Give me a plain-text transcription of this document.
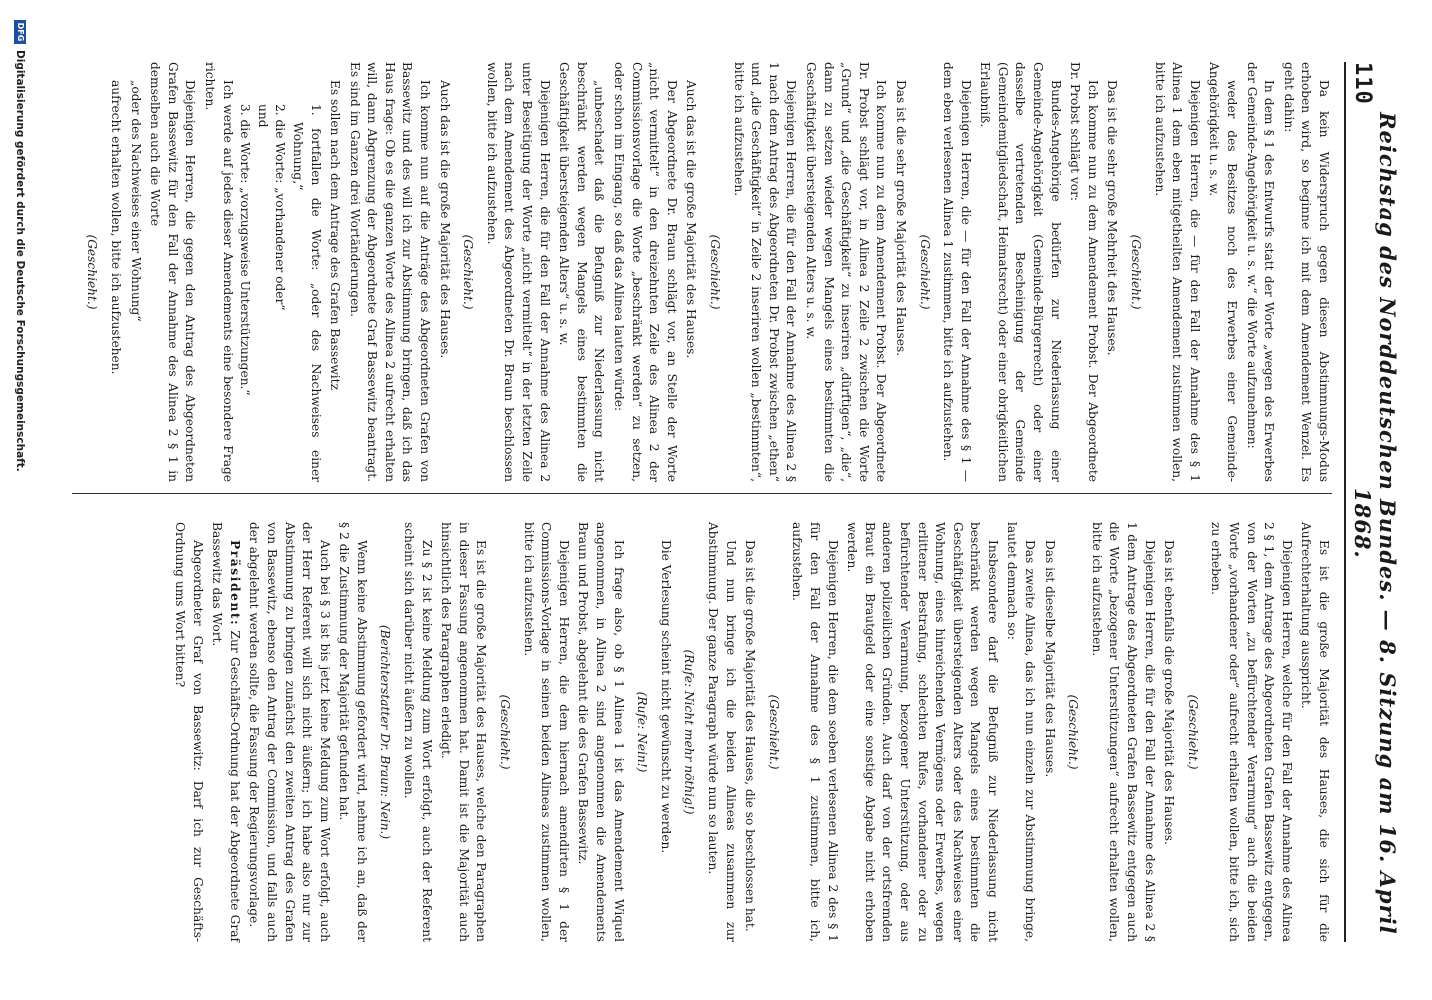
110
Reichstag des Norddeutschen Bundes. — 8. Sitzung am 16. April 1868.

Da kein Widerspruch gegen diesen Abstimmungs-Modus erhoben wird, so beginne ich mit dem Amendement Wenzel. Es geht dahin:

In dem § 1 des Entwurfs statt der Worte „wegen des Erwerbes der Gemeinde-Angehörigkeit u. s. w.“ die Worte aufzunehmen:

weder des Besitzes noch des Erwerbes einer Gemeinde-Angehörigkeit u. s. w.

Diejenigen Herren, die — für den Fall der Annahme des § 1 Alinea 1 dem eben mitgetheilten Amendement zustimmen wollen, bitte ich aufzustehen.

(Geschieht.)

Das ist die sehr große Mehrheit des Hauses.

Ich komme nun zu dem Amendement Probst. Der Abgeordnete Dr. Probst schlägt vor:

Bundes-Angehörige bedürfen zur Niederlassung einer Gemeinde-Angehörigkeit (Gemeinde-Bürgerrecht) oder einer dasselbe vertretenden Bescheinigung der Gemeinde (Gemeindemitgliedschaft, Heimatsrecht) oder einer obrigkeitlichen Erlaubniß.

Diejenigen Herren, die — für den Fall der Annahme des § 1 — dem eben verlesenen Alinea 1 zustimmen, bitte ich aufzustehen.

(Geschieht.)

Das ist die sehr große Majorität des Hauses.

Ich komme nun zu dem Amendement Probst. Der Abgeordnete Dr. Probst schlägt vor, in Alinea 2 Zeile 2 zwischen die Worte „Grund“ und „die Geschäftigkeit“ zu inseriren „dürftigen“, „die“, dann zu setzen wieder wegen Mangels eines bestimmten die Geschäftigkeit übersteigenden Alters u. s. w.

Diejenigen Herren, die für den Fall der Annahme des Alinea 2 § 1 nach dem Antrag des Abgeordneten Dr. Probst zwischen „ethen“ und „die Geschäftigkeit“ in Zeile 2 inseriren wollen „bestimmten“, bitte ich aufzustehen.

(Geschieht.)

Auch das ist die große Majorität des Hauses.

Der Abgeordnete Dr. Braun schlägt vor, an Stelle der Worte „nicht vermittelt“ in den dreizehnten Zeile des Alinea 2 der Commissionsvorlage die Worte „beschränkt werden“ zu setzen, oder schon im Eingang, so daß das Alinea lauten würde:

„unbeschadet daß die Befugniß zur Niederlassung nicht beschränkt werden wegen Mangels eines bestimmten die Geschäftigkeit übersteigenden Alters“ u. s. w.

Diejenigen Herren, die für den Fall der Annahme des Alinea 2 unter Beseitigung der Worte „nicht vermittelt“ in der letzten Zeile nach dem Amendement des Abgeordneten Dr. Braun beschlossen wollen, bitte ich aufzustehen.

(Geschieht.)

Auch das ist die große Majorität des Hauses.

Ich komme nun auf die Anträge des Abgeordneten Grafen von Bassewitz und des will ich zur Abstimmung bringen, daß ich das Haus frage: Ob es die ganzen Worte des Alinea 2 aufrecht erhalten will, dann Abgrenzung der Abgeordnete Graf Bassewitz beantragt. Es sind im Ganzen drei Wortänderungen.

Es sollen nach dem Antrage des Grafen Bassewitz

1. fortfallen die Worte: „oder des Nachweises einer Wohnung,“

2. die Worte: „vorhandener oder“

und

3. die Worte: „vorzugsweise Unterstützungen.“

Ich werde auf jedes dieser Amendements eine besondere Frage richten.

Diejenigen Herren, die gegen den Antrag des Abgeordneten Grafen Bassewitz für den Fall der Annahme des Alinea 2 § 1 in demselben auch die Worte

„oder des Nachweises einer Wohnung“

aufrecht erhalten wollen, bitte ich aufzustehen.

(Geschieht.)

Es ist die große Majorität des Hauses, die sich für die Aufrechterhaltung ausspricht.

Diejenigen Herren, welche für den Fall der Annahme des Alinea 2 § 1, dem Antrage des Abgeordneten Grafen Bassewitz entgegen, von der Worten „zu befürchtender Verarmung“ auch die beiden Worte „vorhandener oder“ aufrecht erhalten wollen, bitte ich, sich zu erheben.

(Geschieht.)

Das ist ebenfalls die große Majorität des Hauses.

Diejenigen Herren, die für den Fall der Annahme des Alinea 2 § 1 dem Antrage des Abgeordneten Grafen Bassewitz entgegen auch die Worte „bezogener Unterstützungen“ aufrecht erhalten wollen, bitte ich aufzustehen.

(Geschieht.)

Das ist dieselbe Majorität des Hauses.

Das zweite Alinea, das ich nun einzeln zur Abstimmung bringe, lautet demnach so:

Insbesondere darf die Befugniß zur Niederlassung nicht beschränkt werden wegen Mangels eines bestimmten die Geschäftigkeit übersteigenden Alters oder des Nachweises einer Wohnung, eines hinreichenden Vermögens oder Erwerbes, wegen erlittener Bestrafung, schlechten Rufes, vorhandener oder zu befürchtender Verarmung, bezogener Unterstützung, oder aus anderen polizeilichen Gründen. Auch darf von der ortsfremden Braut ein Brautgeld oder eine sonstige Abgabe nicht erhoben werden.

Diejenigen Herren, die dem soeben verlesenen Alinea 2 des § 1 für den Fall der Annahme des § 1 zustimmen, bitte ich, aufzustehen.

(Geschieht.)

Das ist die große Majorität des Hauses, die so beschlossen hat.

Und nun bringe ich die beiden Alineas zusammen zur Abstimmung. Der ganze Paragraph würde nun so lauten.

(Rufe: Nicht mehr nöthig!)

Die Verlesung scheint nicht gewünscht zu werden.

(Rufe: Nein!)

Ich frage also, ob § 1 Alinea 1 ist das Amendement Wiquel angenommen, in Alinea 2 sind angenommen die Amendements Braun und Probst, abgelehnt die des Grafen Bassewitz.

Diejenigen Herren, die dem hiernach amendirten § 1 der Commissions-Vorlage in seinen beiden Alineas zustimmen wollen, bitte ich aufzustehen.

(Geschieht.)

Es ist die große Majorität des Hauses, welche den Paragraphen in dieser Fassung angenommen hat. Damit ist die Majorität auch hinsichtlich des Paragraphen erledigt.

Zu § 2 ist keine Meldung zum Wort erfolgt, auch der Referent scheint sich darüber nicht äußern zu wollen.

(Berichterstatter Dr. Braun: Nein.)

Wenn keine Abstimmung gefordert wird, nehme ich an, daß der § 2 die Zustimmung der Majorität gefunden hat.

Auch bei § 3 ist bis jetzt keine Meldung zum Wort erfolgt, auch der Herr Referent will sich nicht äußern; ich habe also nur zur Abstimmung zu bringen zunächst den zweiten Antrag des Grafen von Bassewitz, ebenso den Antrag der Commission, und falls auch der abgelehnt werden sollte, die Fassung der Regierungsvorlage.

Präsident: Zur Geschäfts-Ordnung hat der Abgeordnete Graf Bassewitz das Wort.

Abgeordneter Graf von Bassewitz: Darf ich zur Geschäfts-Ordnung ums Wort bitten?

DFG
Digitalisierung gefördert durch die Deutsche Forschungsgemeinschaft.
